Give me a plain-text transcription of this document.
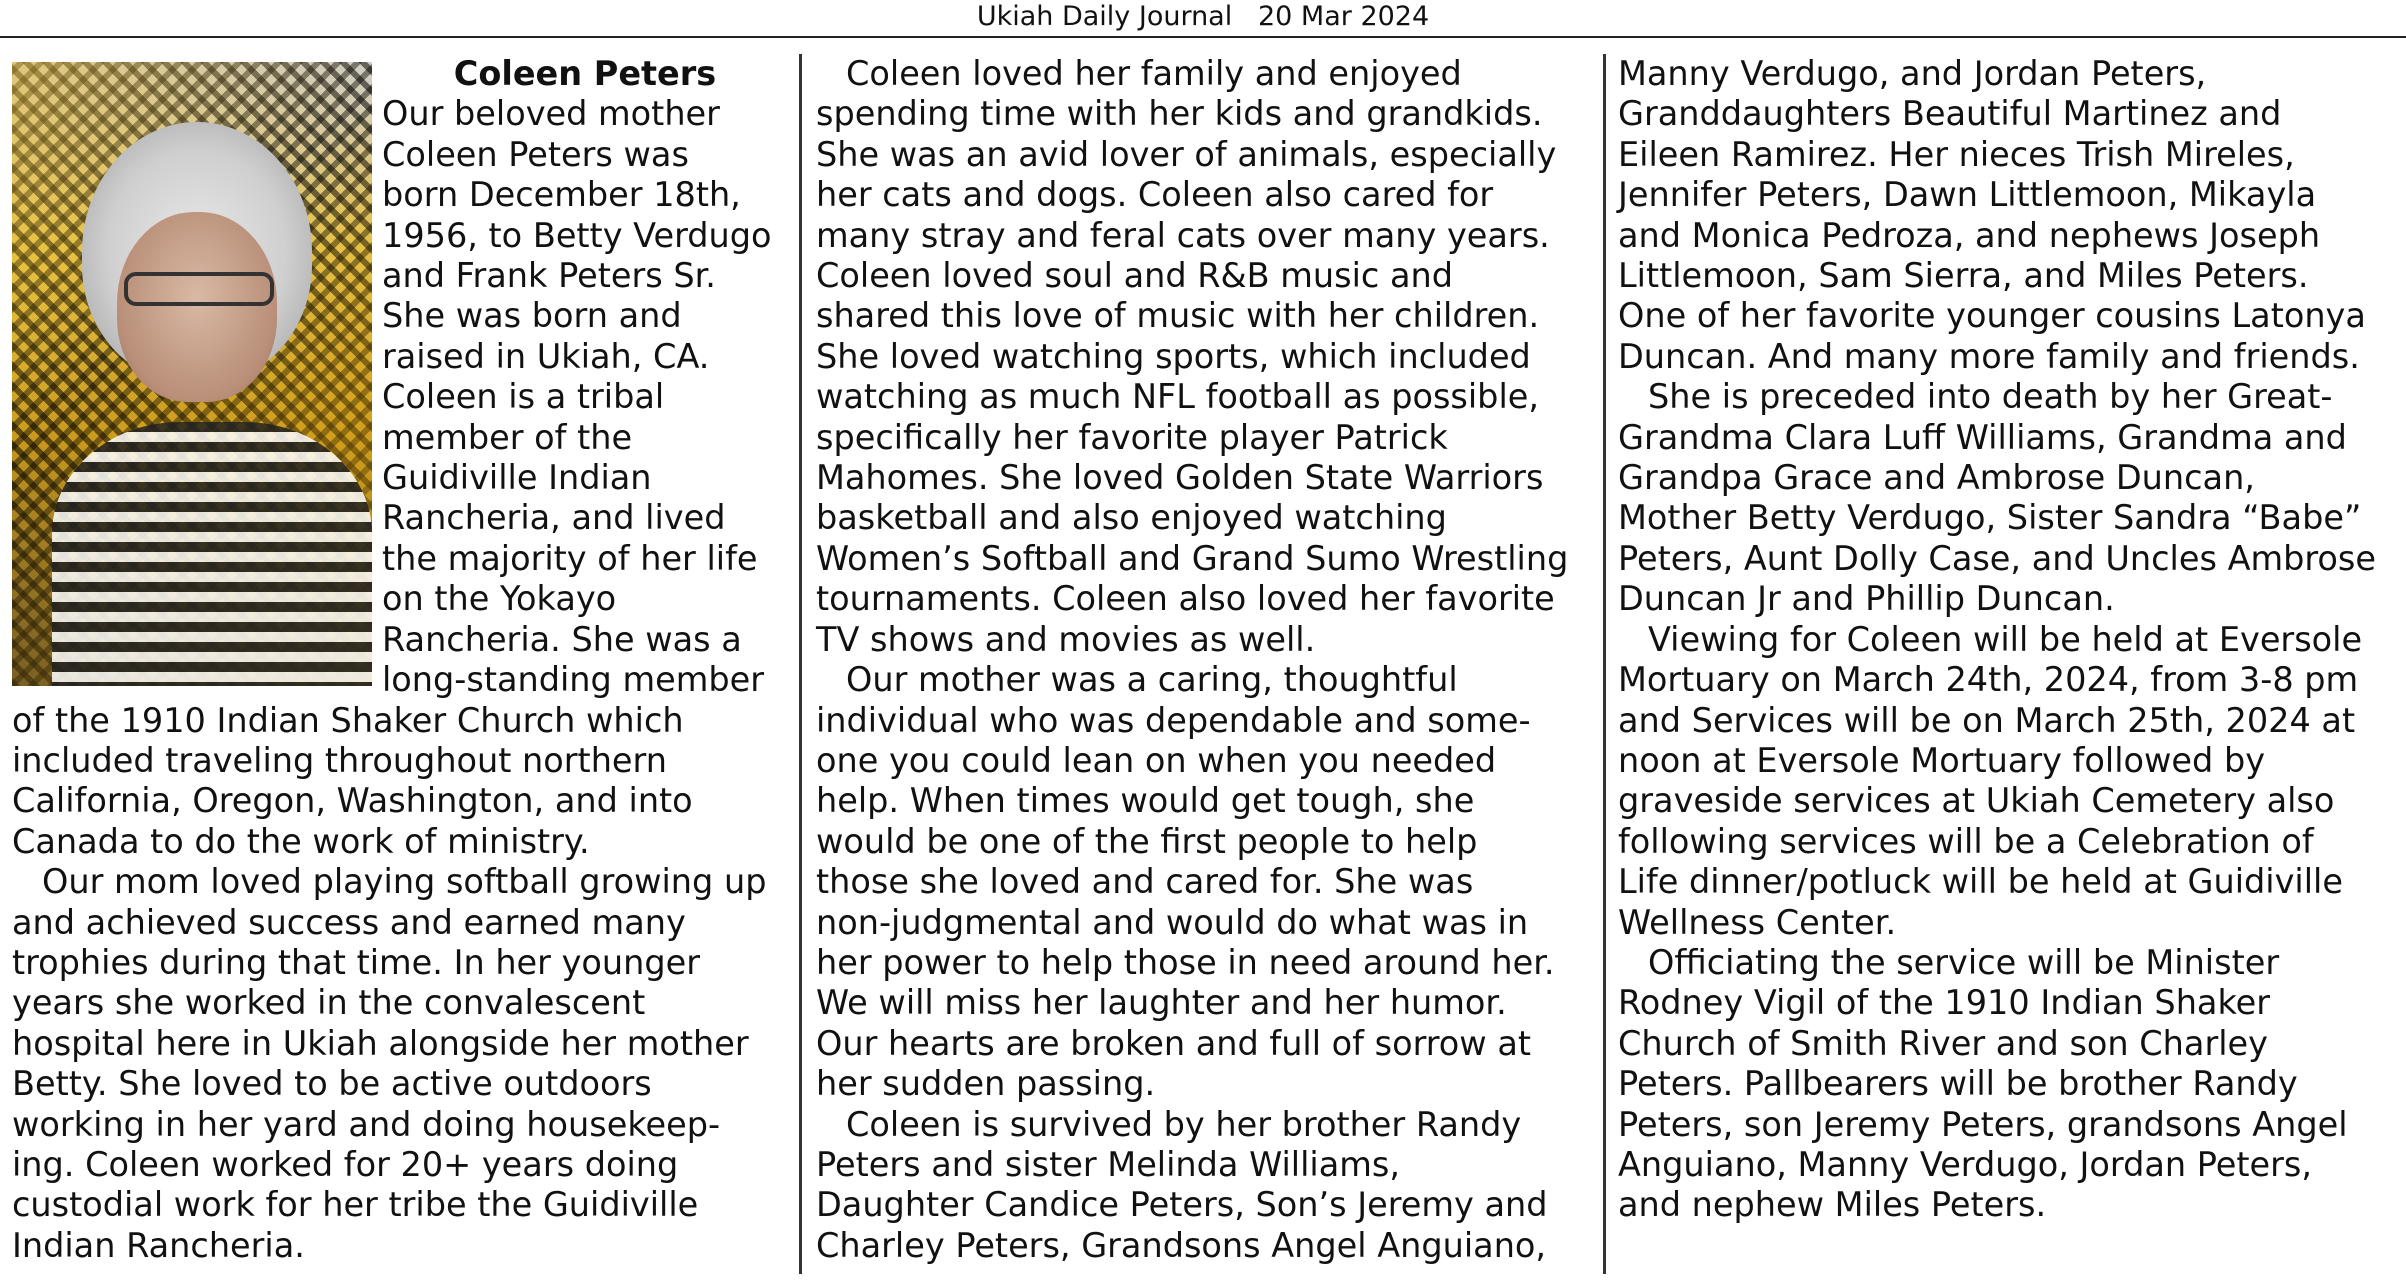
Ukiah Daily Journal 20 Mar 2024
Coleen Peters
Our beloved mother
Coleen Peters was
born December 18th,
1956, to Betty Verdugo
and Frank Peters Sr.
She was born and
raised in Ukiah, CA.
Coleen is a tribal
member of the
Guidiville Indian
Rancheria, and lived
the majority of her life
on the Yokayo
Rancheria. She was a
long-standing member
of the 1910 Indian Shaker Church which
included traveling throughout northern
California, Oregon, Washington, and into
Canada to do the work of ministry.
Our mom loved playing softball growing up
and achieved success and earned many
trophies during that time. In her younger
years she worked in the convalescent
hospital here in Ukiah alongside her mother
Betty. She loved to be active outdoors
working in her yard and doing housekeep-
ing. Coleen worked for 20+ years doing
custodial work for her tribe the Guidiville
Indian Rancheria.
Coleen loved her family and enjoyed
spending time with her kids and grandkids.
She was an avid lover of animals, especially
her cats and dogs. Coleen also cared for
many stray and feral cats over many years.
Coleen loved soul and R&B music and
shared this love of music with her children.
She loved watching sports, which included
watching as much NFL football as possible,
specifically her favorite player Patrick
Mahomes. She loved Golden State Warriors
basketball and also enjoyed watching
Women’s Softball and Grand Sumo Wrestling
tournaments. Coleen also loved her favorite
TV shows and movies as well.
Our mother was a caring, thoughtful
individual who was dependable and some-
one you could lean on when you needed
help. When times would get tough, she
would be one of the first people to help
those she loved and cared for. She was
non-judgmental and would do what was in
her power to help those in need around her.
We will miss her laughter and her humor.
Our hearts are broken and full of sorrow at
her sudden passing.
Coleen is survived by her brother Randy
Peters and sister Melinda Williams,
Daughter Candice Peters, Son’s Jeremy and
Charley Peters, Grandsons Angel Anguiano,
Manny Verdugo, and Jordan Peters,
Granddaughters Beautiful Martinez and
Eileen Ramirez. Her nieces Trish Mireles,
Jennifer Peters, Dawn Littlemoon, Mikayla
and Monica Pedroza, and nephews Joseph
Littlemoon, Sam Sierra, and Miles Peters.
One of her favorite younger cousins Latonya
Duncan. And many more family and friends.
She is preceded into death by her Great-
Grandma Clara Luff Williams, Grandma and
Grandpa Grace and Ambrose Duncan,
Mother Betty Verdugo, Sister Sandra “Babe”
Peters, Aunt Dolly Case, and Uncles Ambrose
Duncan Jr and Phillip Duncan.
Viewing for Coleen will be held at Eversole
Mortuary on March 24th, 2024, from 3-8 pm
and Services will be on March 25th, 2024 at
noon at Eversole Mortuary followed by
graveside services at Ukiah Cemetery also
following services will be a Celebration of
Life dinner/potluck will be held at Guidiville
Wellness Center.
Officiating the service will be Minister
Rodney Vigil of the 1910 Indian Shaker
Church of Smith River and son Charley
Peters. Pallbearers will be brother Randy
Peters, son Jeremy Peters, grandsons Angel
Anguiano, Manny Verdugo, Jordan Peters,
and nephew Miles Peters.
